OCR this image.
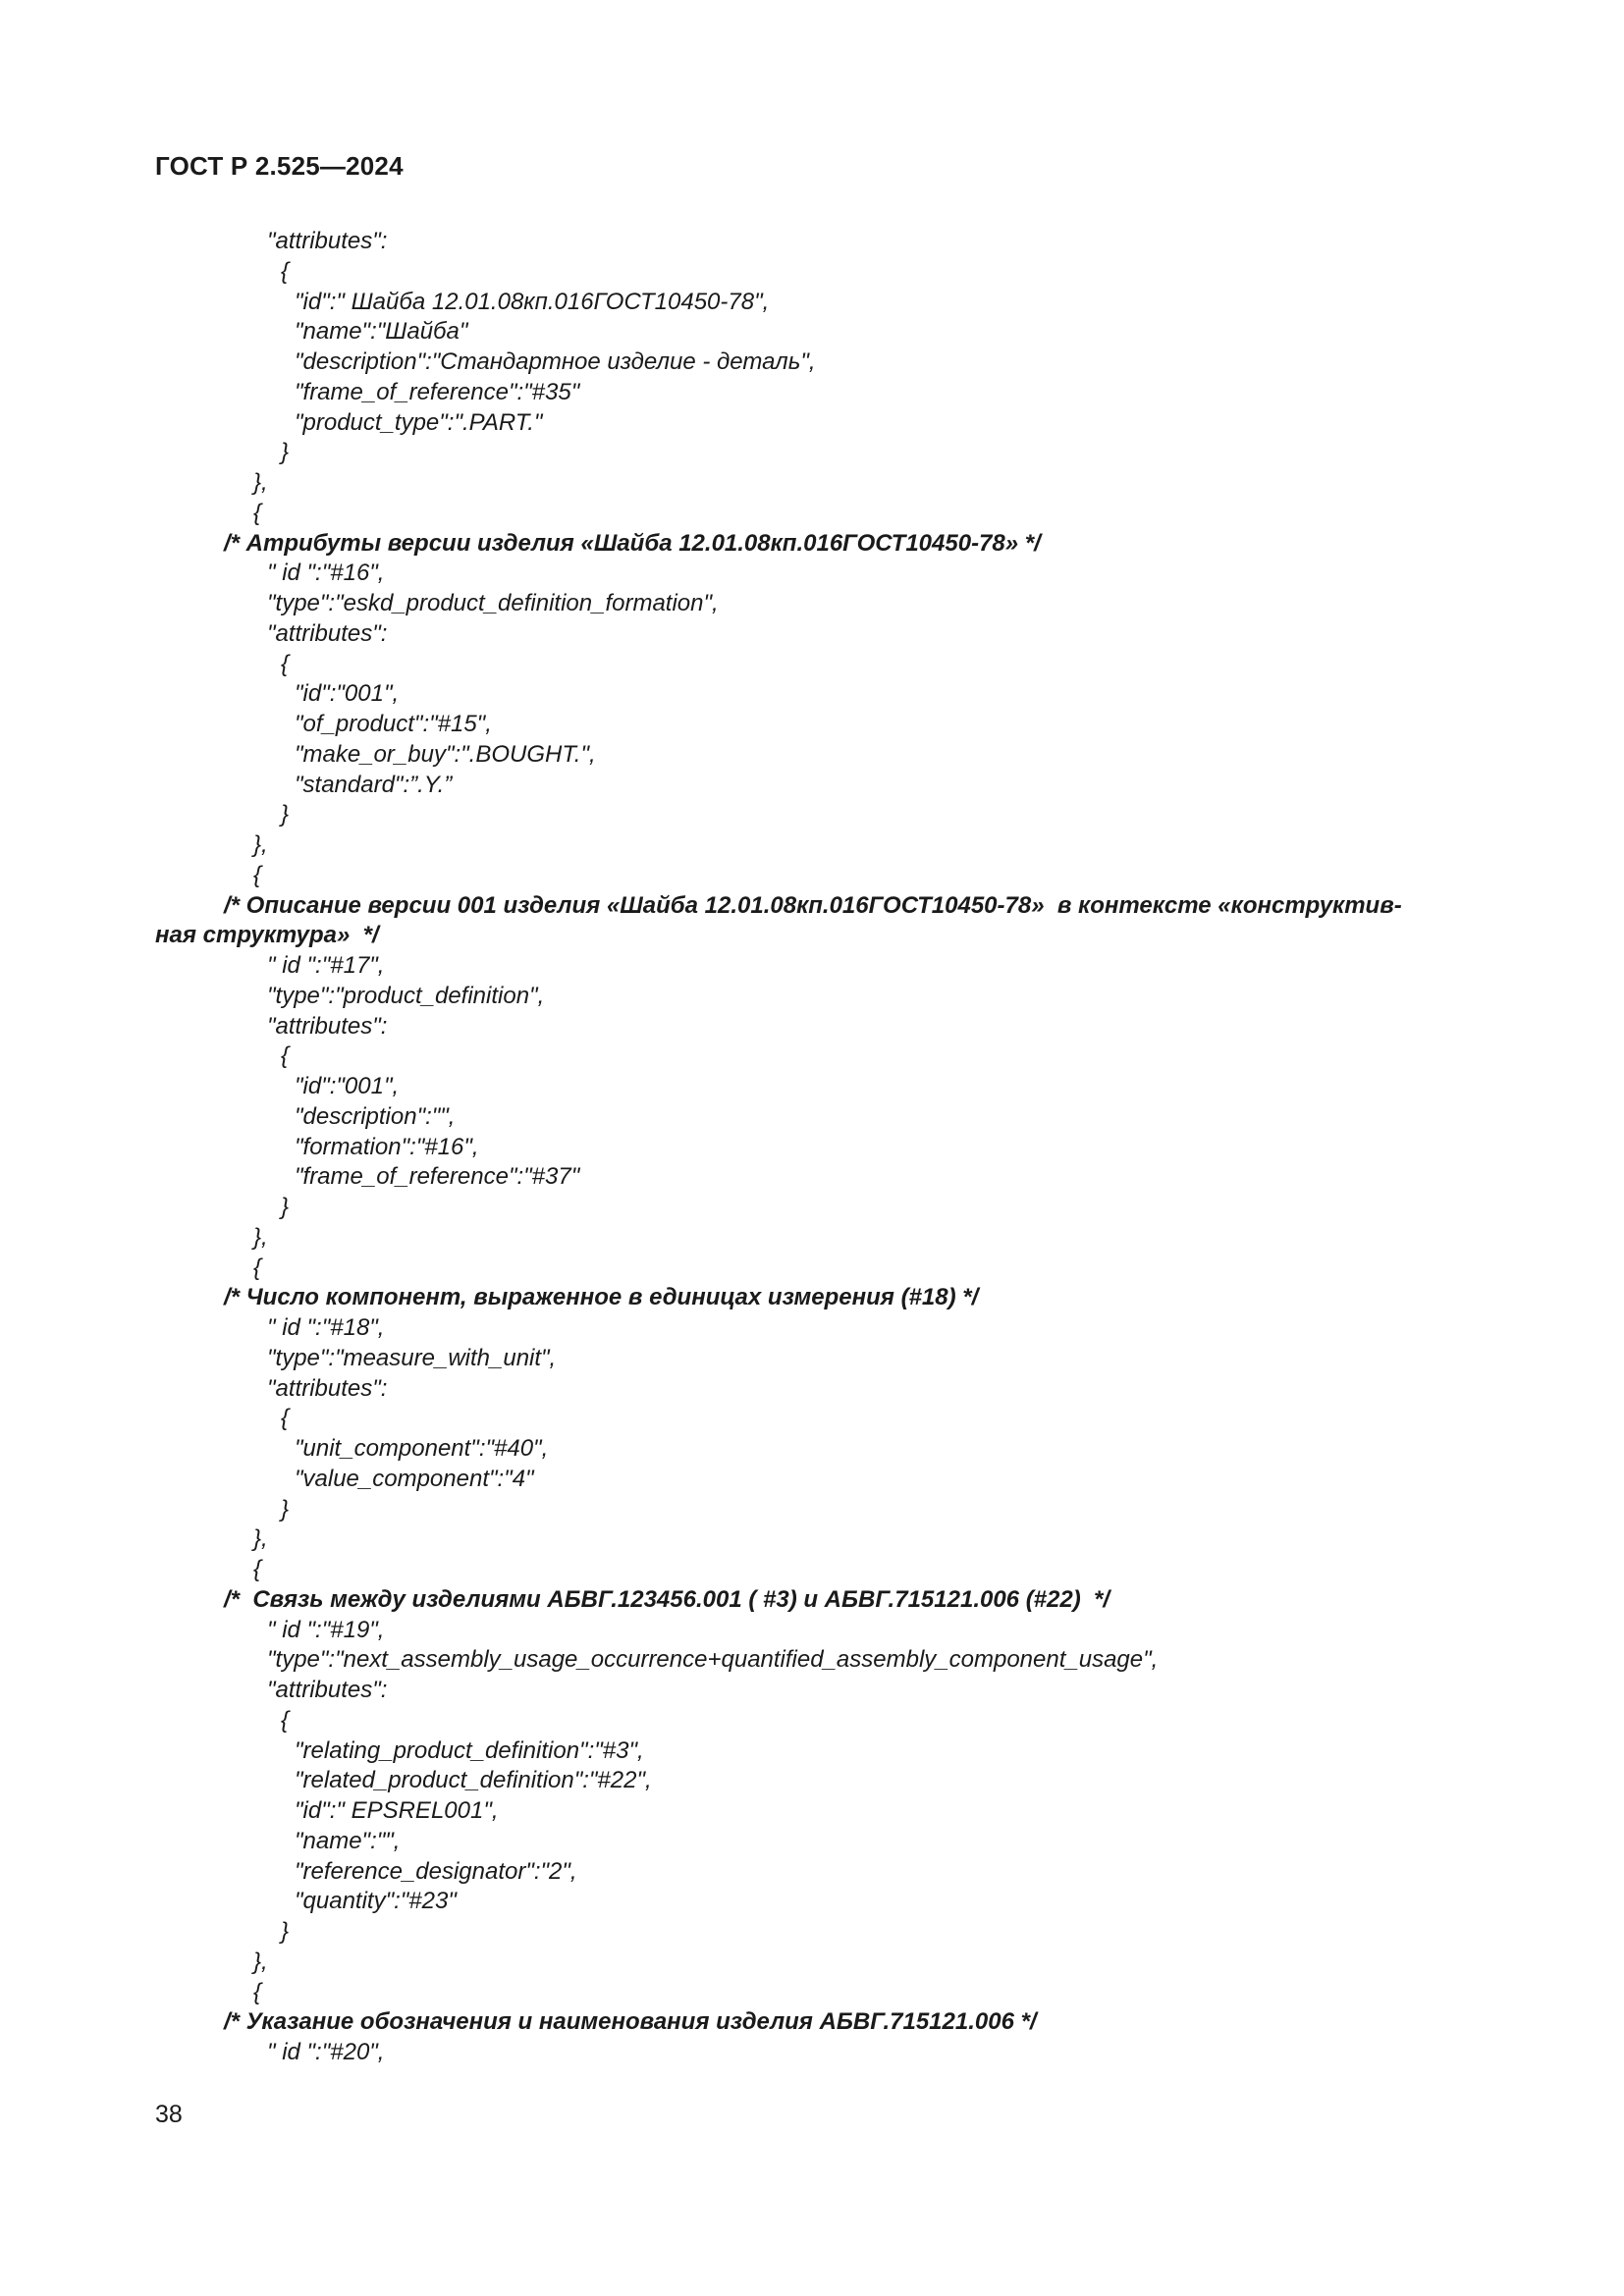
ГОСТ Р 2.525—2024
"attributes":
{
"id":" Шайба 12.01.08кп.016ГОСТ10450-78",
"name":"Шайба"
"description":"Стандартное изделие - деталь",
"frame_of_reference":"#35"
"product_type":".PART."
}
},
{
/* Атрибуты версии изделия «Шайба 12.01.08кп.016ГОСТ10450-78» */
" id ":"#16",
"type":"eskd_product_definition_formation",
"attributes":
{
"id":"001",
"of_product":"#15",
"make_or_buy":".BOUGHT.",
"standard":”.Y.”
}
},
{
/* Описание версии 001 изделия «Шайба 12.01.08кп.016ГОСТ10450-78»  в контексте «конструктив-
ная структура»  */
" id ":"#17",
"type":"product_definition",
"attributes":
{
"id":"001",
"description":"",
"formation":"#16",
"frame_of_reference":"#37"
}
},
{
/* Число компонент, выраженное в единицах измерения (#18) */
" id ":"#18",
"type":"measure_with_unit",
"attributes":
{
"unit_component":"#40",
"value_component":"4"
}
},
{
/*  Связь между изделиями АБВГ.123456.001 ( #3) и АБВГ.715121.006 (#22)  */
" id ":"#19",
"type":"next_assembly_usage_occurrence+quantified_assembly_component_usage",
"attributes":
{
"relating_product_definition":"#3",
"related_product_definition":"#22",
"id":" EPSREL001",
"name":"",
"reference_designator":"2",
"quantity":"#23"
}
},
{
/* Указание обозначения и наименования изделия АБВГ.715121.006 */
" id ":"#20",
38
